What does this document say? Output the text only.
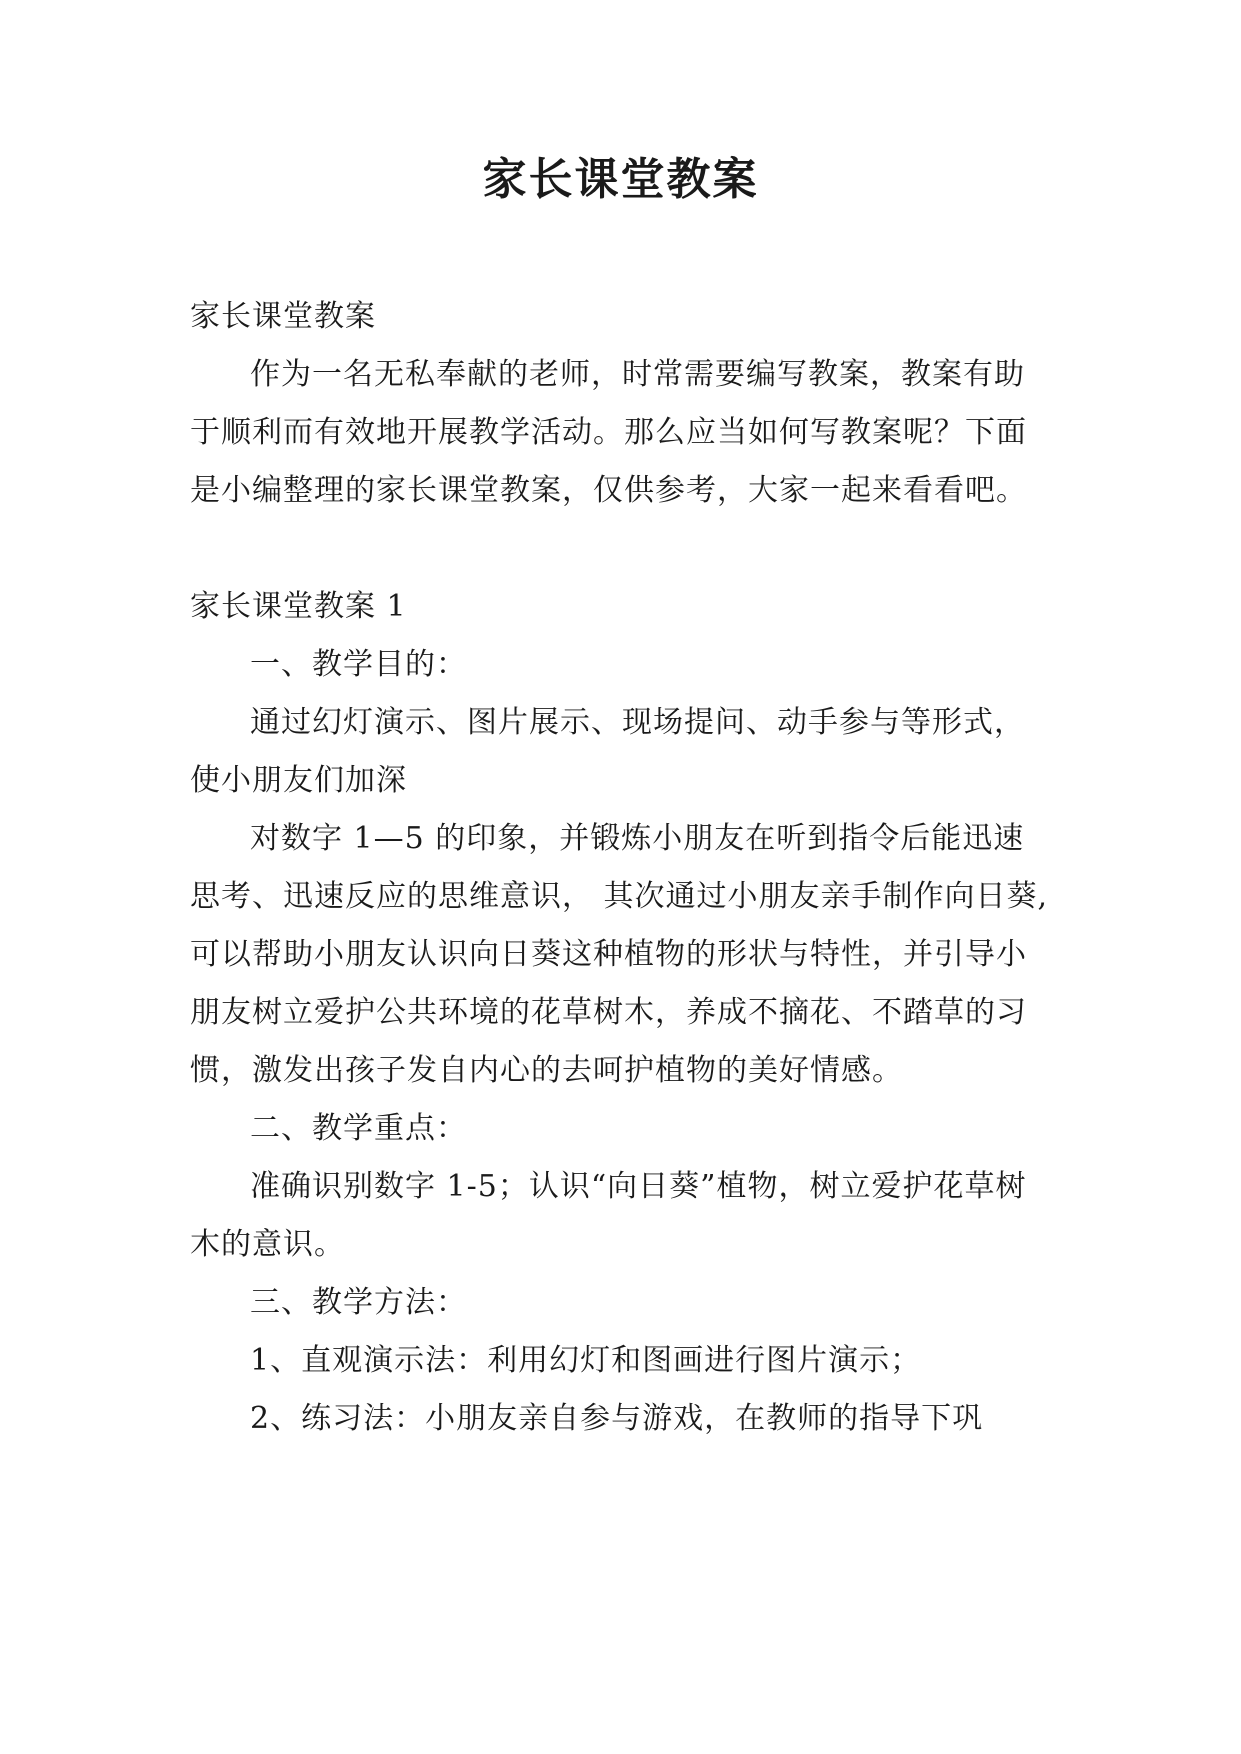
家长课堂教案

家长课堂教案

作为一名无私奉献的老师，时常需要编写教案，教案有助于顺利而有效地开展教学活动。那么应当如何写教案呢？下面是小编整理的家长课堂教案，仅供参考，大家一起来看看吧。

家长课堂教案 1

一、教学目的：

通过幻灯演示、图片展示、现场提问、动手参与等形式，使小朋友们加深

对数字 1—5 的印象，并锻炼小朋友在听到指令后能迅速思考、迅速反应的思维意识， 其次通过小朋友亲手制作向日葵,可以帮助小朋友认识向日葵这种植物的形状与特性，并引导小朋友树立爱护公共环境的花草树木，养成不摘花、不踏草的习惯，激发出孩子发自内心的去呵护植物的美好情感。

二、教学重点：

准确识别数字 1-5；认识“向日葵”植物，树立爱护花草树木的意识。

三、教学方法：

1、直观演示法：利用幻灯和图画进行图片演示；

2、练习法：小朋友亲自参与游戏，在教师的指导下巩
